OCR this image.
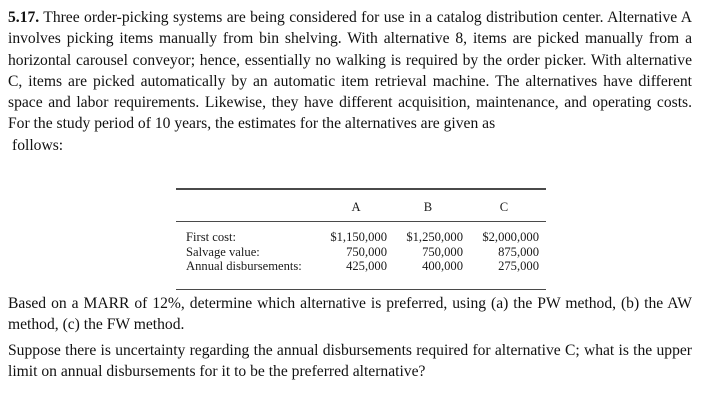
5.17. Three order-picking systems are being considered for use in a catalog distribution center. Alternative A involves picking items manually from bin shelving. With alternative 8, items are picked manually from a horizontal carousel conveyor; hence, essentially no walking is required by the order picker. With alternative C, items are picked automatically by an automatic item retrieval machine. The alternatives have different space and labor requirements. Likewise, they have different acquisition, maintenance, and operating costs. For the study period of 10 years, the estimates for the alternatives are given as

follows:
A	B	C
First cost:
Salvage value:
Annual disbursements:
$1,150,000
750,000
425,000
$1,250,000
750,000
400,000
$2,000,000
875,000
275,000

Based on a MARR of 12%, determine which alternative is preferred, using (a) the PW method, (b) the AW method, (c) the FW method.

Suppose there is uncertainty regarding the annual disbursements required for alternative C; what is the upper limit on annual disbursements for it to be the preferred alternative?
